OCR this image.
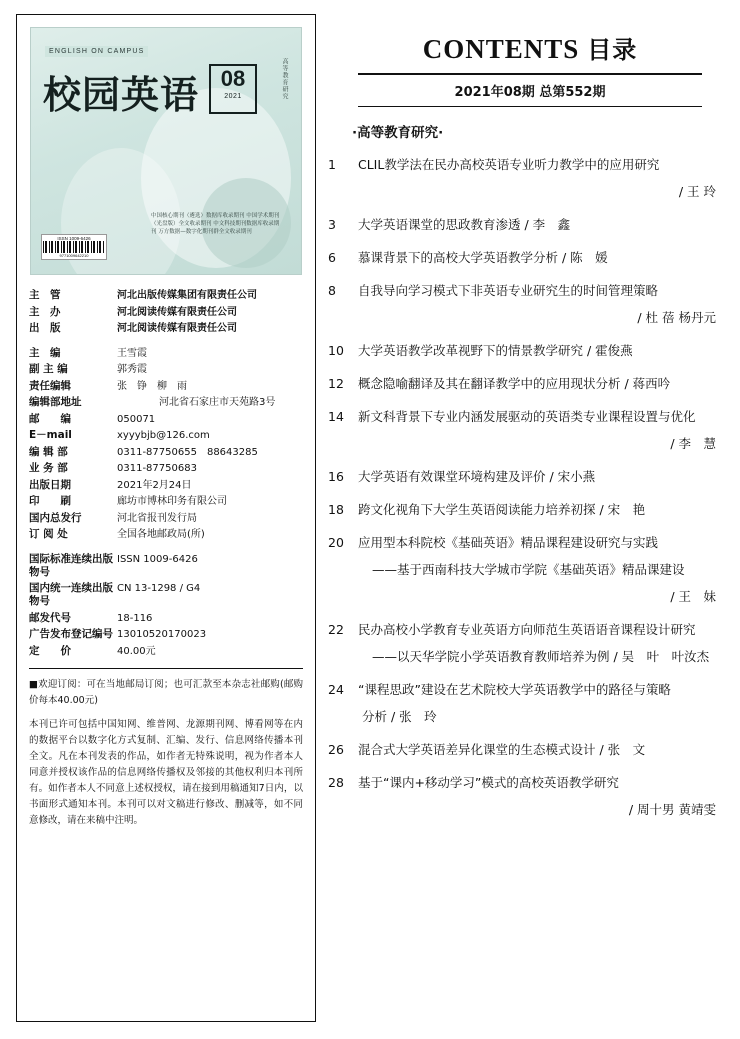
ENGLISH ON CAMPUS
校园英语 08
2021	高等教育研究
中国核心期刊（遴选）数据库收录期刊 中国学术期刊（光盘版）全文收录期刊 中文科技期刊数据库收录期刊 万方数据—数字化期刊群全文收录期刊
ISSN 1009-6426
9771009642210
主　管	河北出版传媒集团有限责任公司
主　办	河北阅读传媒有限责任公司
出　版	河北阅读传媒有限责任公司
主　编	王雪霞
副 主 编	郭秀霞
责任编辑	张　铮　柳　雨
编辑部地址	河北省石家庄市天苑路3号
邮　　编	050071
E－mail	xyyybjb@126.com
编 辑 部	0311-87750655　88643285
业 务 部	0311-87750683
出版日期	2021年2月24日
印　　刷	廊坊市博林印务有限公司
国内总发行	河北省报刊发行局
订 阅 处	全国各地邮政局(所)
国际标准连续出版物号
ISSN 1009-6426
国内统一连续出版物号
CN 13-1298 / G4
邮发代号	18-116
广告发布登记编号 13010520170023
定　　价	40.00元

■欢迎订阅：可在当地邮局订阅；也可汇款至本杂志社邮购(邮购价每本40.00元)

本刊已许可包括中国知网、维普网、龙源期刊网、博看网等在内的数据平台以数字化方式复制、汇编、发行、信息网络传播本刊全文。凡在本刊发表的作品，如作者无特殊说明，视为作者本人同意并授权该作品的信息网络传播权及邻接的其他权利归本刊所有。如作者本人不同意上述权授权，请在接到用稿通知7日内，以书面形式通知本刊。本刊可以对文稿进行修改、删减等，如不同意修改，请在来稿中注明。

CONTENTS 目录
2021年08期 总第552期
·高等教育研究·
1 CLIL教学法在民办高校英语专业听力教学中的应用研究
/ 王 玲
3 大学英语课堂的思政教育渗透 / 李　鑫
6 慕课背景下的高校大学英语教学分析 / 陈　媛
8 自我导向学习模式下非英语专业研究生的时间管理策略
/ 杜 蓓 杨丹元
10 大学英语教学改革视野下的情景教学研究 / 霍俊燕
12 概念隐喻翻译及其在翻译教学中的应用现状分析 / 蒋西吟
14 新文科背景下专业内涵发展驱动的英语类专业课程设置与优化
/ 李　慧
16 大学英语有效课堂环境构建及评价 / 宋小燕
18 跨文化视角下大学生英语阅读能力培养初探 / 宋　艳
20 应用型本科院校《基础英语》精品课程建设研究与实践
——基于西南科技大学城市学院《基础英语》精品课建设
/ 王　妹
22 民办高校小学教育专业英语方向师范生英语语音课程设计研究
——以天华学院小学英语教育教师培养为例 / 吴　叶　叶汝杰
24 “课程思政”建设在艺术院校大学英语教学中的路径与策略
分析 / 张　玲
26 混合式大学英语差异化课堂的生态模式设计 / 张　文
28 基于“课内+移动学习”模式的高校英语教学研究
/ 周十男 黄靖雯
